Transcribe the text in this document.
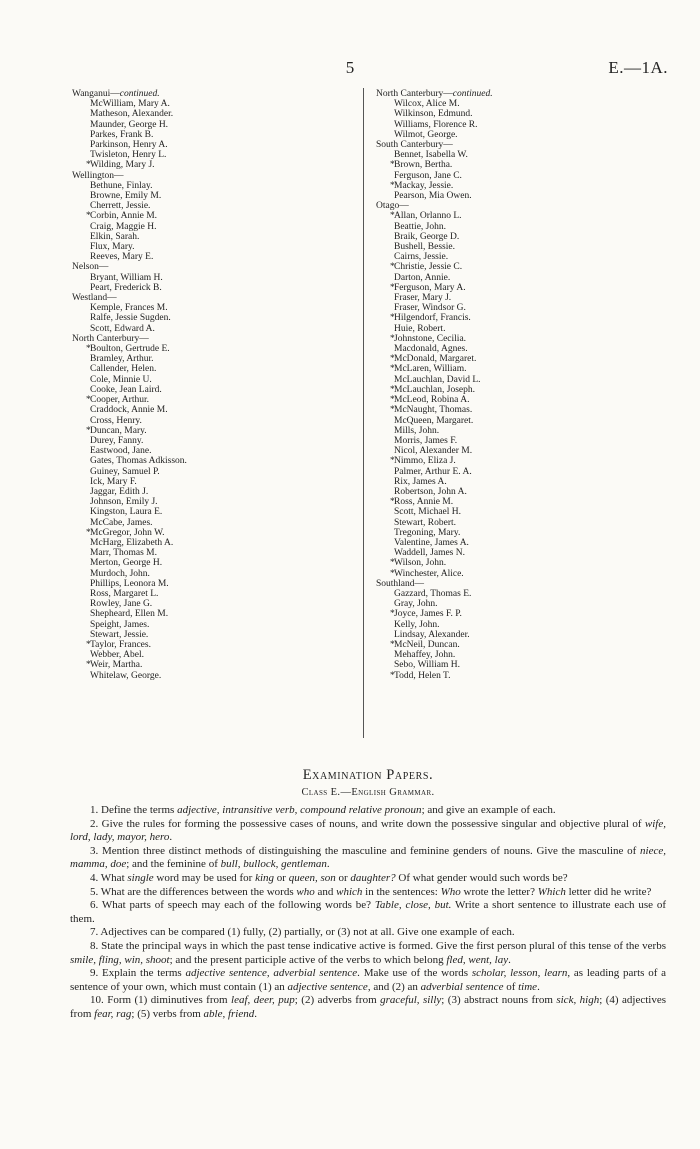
5	E.—1A.
Wanganui—continued.
McWilliam, Mary A.
Matheson, Alexander.
Maunder, George H.
Parkes, Frank B.
Parkinson, Henry A.
Twisleton, Henry L.
*Wilding, Mary J.
Wellington—
Bethune, Finlay.
Browne, Emily M.
Cherrett, Jessie.
*Corbin, Annie M.
Craig, Maggie H.
Elkin, Sarah.
Flux, Mary.
Reeves, Mary E.
Nelson—
Bryant, William H.
Peart, Frederick B.
Westland—
Kemple, Frances M.
Ralfe, Jessie Sugden.
Scott, Edward A.
North Canterbury—
*Boulton, Gertrude E.
Bramley, Arthur.
Callender, Helen.
Cole, Minnie U.
Cooke, Jean Laird.
*Cooper, Arthur.
Craddock, Annie M.
Cross, Henry.
*Duncan, Mary.
Durey, Fanny.
Eastwood, Jane.
Gates, Thomas Adkisson.
Guiney, Samuel P.
Ick, Mary F.
Jaggar, Edith J.
Johnson, Emily J.
Kingston, Laura E.
McCabe, James.
*McGregor, John W.
McHarg, Elizabeth A.
Marr, Thomas M.
Merton, George H.
Murdoch, John.
Phillips, Leonora M.
Ross, Margaret L.
Rowley, Jane G.
Shepheard, Ellen M.
Speight, James.
Stewart, Jessie.
*Taylor, Frances.
Webber, Abel.
*Weir, Martha.
Whitelaw, George.
North Canterbury—continued.
Wilcox, Alice M.
Wilkinson, Edmund.
Williams, Florence R.
Wilmot, George.
South Canterbury—
Bennet, Isabella W.
*Brown, Bertha.
Ferguson, Jane C.
*Mackay, Jessie.
Pearson, Mia Owen.
Otago—
*Allan, Orlanno L.
Beattie, John.
Braik, George D.
Bushell, Bessie.
Cairns, Jessie.
*Christie, Jessie C.
Darton, Annie.
*Ferguson, Mary A.
Fraser, Mary J.
Fraser, Windsor G.
*Hilgendorf, Francis.
Huie, Robert.
*Johnstone, Cecilia.
Macdonald, Agnes.
*McDonald, Margaret.
*McLaren, William.
McLauchlan, David L.
*McLauchlan, Joseph.
*McLeod, Robina A.
*McNaught, Thomas.
McQueen, Margaret.
Mills, John.
Morris, James F.
Nicol, Alexander M.
*Nimmo, Eliza J.
Palmer, Arthur E. A.
Rix, James A.
Robertson, John A.
*Ross, Annie M.
Scott, Michael H.
Stewart, Robert.
Tregoning, Mary.
Valentine, James A.
Waddell, James N.
*Wilson, John.
*Winchester, Alice.
Southland—
Gazzard, Thomas E.
Gray, John.
*Joyce, James F. P.
Kelly, John.
Lindsay, Alexander.
*McNeil, Duncan.
Mehaffey, John.
Sebo, William H.
*Todd, Helen T.
Examination Papers.
Class E.—English Grammar.

1. Define the terms adjective, intransitive verb, compound relative pronoun; and give an example of each.

2. Give the rules for forming the possessive cases of nouns, and write down the possessive singular and objective plural of wife, lord, lady, mayor, hero.

3. Mention three distinct methods of distinguishing the masculine and feminine genders of nouns. Give the masculine of niece, mamma, doe; and the feminine of bull, bullock, gentleman.

4. What single word may be used for king or queen, son or daughter? Of what gender would such words be?

5. What are the differences between the words who and which in the sentences: Who wrote the letter? Which letter did he write?

6. What parts of speech may each of the following words be? Table, close, but. Write a short sentence to illustrate each use of them.

7. Adjectives can be compared (1) fully, (2) partially, or (3) not at all. Give one example of each.

8. State the principal ways in which the past tense indicative active is formed. Give the first person plural of this tense of the verbs smile, fling, win, shoot; and the present participle active of the verbs to which belong fled, went, lay.

9. Explain the terms adjective sentence, adverbial sentence. Make use of the words scholar, lesson, learn, as leading parts of a sentence of your own, which must contain (1) an adjective sentence, and (2) an adverbial sentence of time.

10. Form (1) diminutives from leaf, deer, pup; (2) adverbs from graceful, silly; (3) abstract nouns from sick, high; (4) adjectives from fear, rag; (5) verbs from able, friend.
